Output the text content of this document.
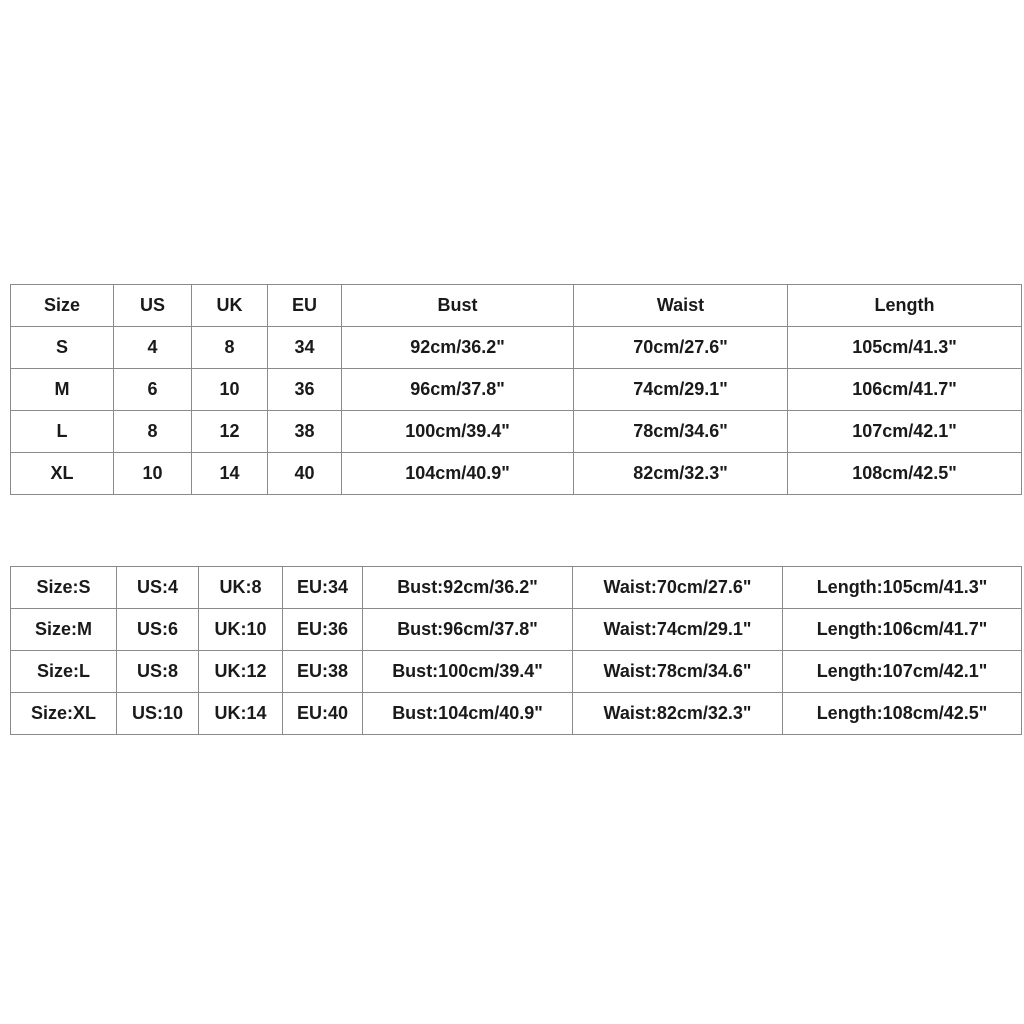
Size	US	UK	EU	Bust	Waist	Length
S	4	8	34	92cm/36.2"	70cm/27.6"	105cm/41.3"
M	6	10	36	96cm/37.8"	74cm/29.1"	106cm/41.7"
L	8	12	38	100cm/39.4"	78cm/34.6"	107cm/42.1"
XL	10	14	40	104cm/40.9"	82cm/32.3"	108cm/42.5"
Size:S	US:4	UK:8	EU:34	Bust:92cm/36.2"	Waist:70cm/27.6"	Length:105cm/41.3"
Size:M	US:6	UK:10	EU:36	Bust:96cm/37.8"	Waist:74cm/29.1"	Length:106cm/41.7"
Size:L	US:8	UK:12	EU:38	Bust:100cm/39.4"	Waist:78cm/34.6"	Length:107cm/42.1"
Size:XL	US:10	UK:14	EU:40	Bust:104cm/40.9"	Waist:82cm/32.3"	Length:108cm/42.5"
